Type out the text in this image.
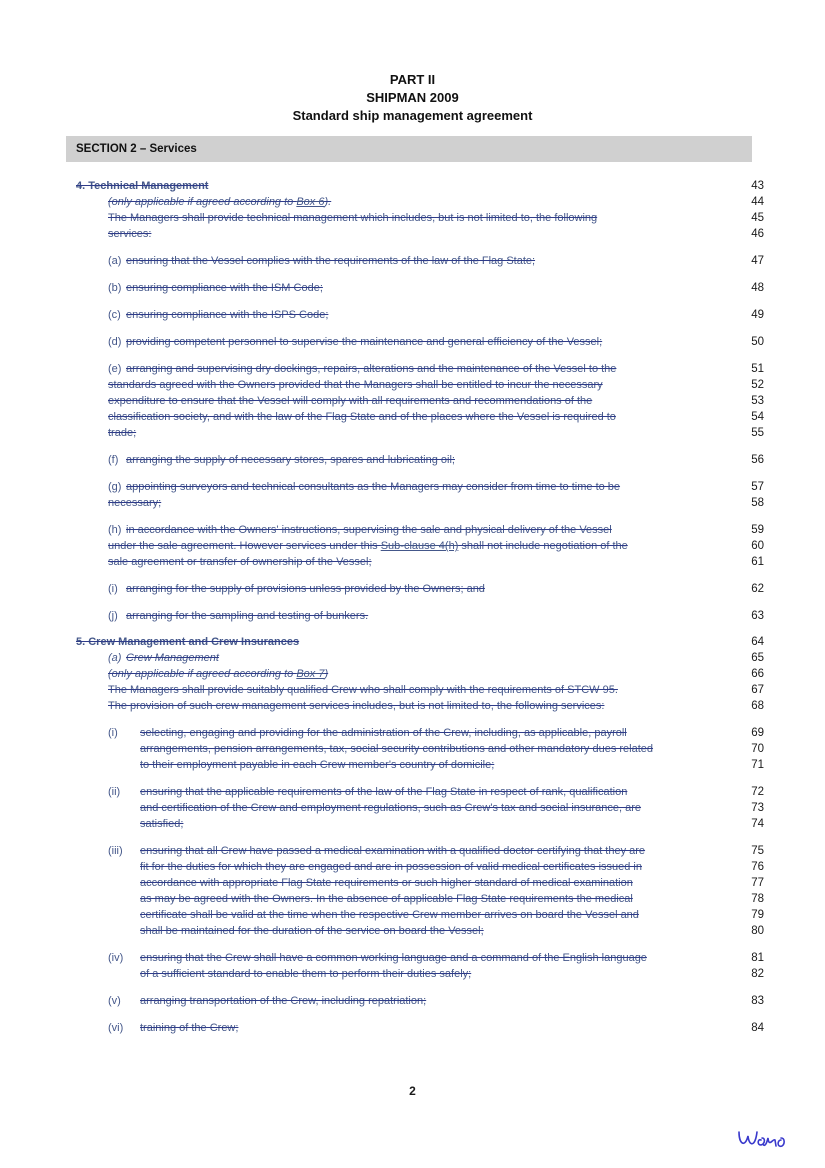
PART II
SHIPMAN 2009
Standard ship management agreement
SECTION 2 – Services
4. Technical Management	43
(only applicable if agreed according to Box 6).	44
The Managers shall provide technical management which includes, but is not limited to, the following	45
services:	46
(a) ensuring that the Vessel complies with the requirements of the law of the Flag State;	47
(b) ensuring compliance with the ISM Code;	48
(c) ensuring compliance with the ISPS Code;	49
(d) providing competent personnel to supervise the maintenance and general efficiency of the Vessel;	50
(e) arranging and supervising dry dockings, repairs, alterations and the maintenance of the Vessel to the	51
standards agreed with the Owners provided that the Managers shall be entitled to incur the necessary	52
expenditure to ensure that the Vessel will comply with all requirements and recommendations of the	53
classification society, and with the law of the Flag State and of the places where the Vessel is required to	54
trade;	55
(f) arranging the supply of necessary stores, spares and lubricating oil;	56
(g) appointing surveyors and technical consultants as the Managers may consider from time to time to be	57
necessary;	58
(h) in accordance with the Owners' instructions, supervising the sale and physical delivery of the Vessel	59
under the sale agreement. However services under this Sub-clause 4(h) shall not include negotiation of the	60
sale agreement or transfer of ownership of the Vessel;	61
(i) arranging for the supply of provisions unless provided by the Owners; and	62
(j) arranging for the sampling and testing of bunkers.	63
5. Crew Management and Crew Insurances	64
(a) Crew Management	65
(only applicable if agreed according to Box 7)	66
The Managers shall provide suitably qualified Crew who shall comply with the requirements of STCW 95.	67
The provision of such crew management services includes, but is not limited to, the following services:	68
(i) selecting, engaging and providing for the administration of the Crew, including, as applicable, payroll	69
arrangements, pension arrangements, tax, social security contributions and other mandatory dues related	70
to their employment payable in each Crew member's country of domicile;	71
(ii) ensuring that the applicable requirements of the law of the Flag State in respect of rank, qualification	72
and certification of the Crew and employment regulations, such as Crew's tax and social insurance, are	73
satisfied;	74
(iii) ensuring that all Crew have passed a medical examination with a qualified doctor certifying that they are	75
fit for the duties for which they are engaged and are in possession of valid medical certificates issued in	76
accordance with appropriate Flag State requirements or such higher standard of medical examination	77
as may be agreed with the Owners. In the absence of applicable Flag State requirements the medical	78
certificate shall be valid at the time when the respective Crew member arrives on board the Vessel and	79
shall be maintained for the duration of the service on board the Vessel;	80
(iv) ensuring that the Crew shall have a common working language and a command of the English language	81
of a sufficient standard to enable them to perform their duties safely;	82
(v) arranging transportation of the Crew, including repatriation;	83
(vi) training of the Crew;	84
2
